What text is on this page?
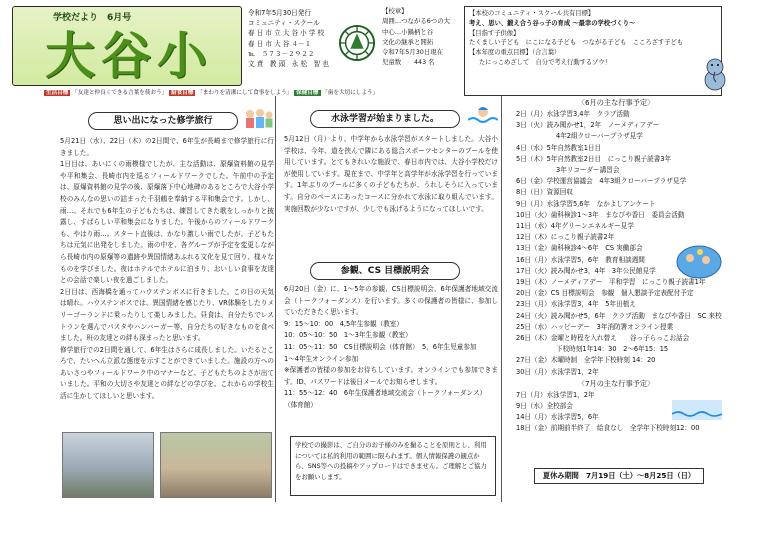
学校だより　6月号
大谷小
令和7年5月30日発行
コミュニティ・スクール
春 日 市 立 大 谷 小 学 校
春 日 市 大 谷 ４－１
℡　５７３－２９２２
文 責　教 頭　永 松　智 也
【校章】
周囲…つながる6つの大
中心…小鍋柄と谷
文化の継承と開拓
令和7年5月30日現在
児童数　　443 名
【本校のコミュニティ・スクール共有目標】
考え、思い、鍛え合う谷っ子の育成 ～最幸の学校づくり～
【目指す子供像】
たくましい子ども　にこになる子ども　つながる子ども　こころざす子ども
【本年度の重点目標】（合言葉）
たにっこめざして　自分で考え行動するゾウ！
生活目標 「友達と仲良くできる言葉を使おう」 給食目標 「まわりを清潔にして食事をしよう」 保健目標 「歯を大切にしよう」
思い出になった修学旅行

5月21日（水）、22日（木）の2日間で、6年生が長崎まで修学旅行に行きました。

1日目は、あいにくの雨模様でしたが、主な活動は、原爆資料館の見学や平和集会、長崎市内を巡るフィールドワークでした。午前中の予定は、原爆資料館の見学の後、原爆落下中心地碑のあるところで大谷小学校のみんなの思いの詰まった千羽鶴を奉納する平和集会です。しかし、雨…。それでも6年生の子どもたちは、練習してきた歌をしっかりと披露し、すばらしい平和集会になりました。午後からのフィールドワークも、やはり雨…。スタート直後は、かなり激しい雨でしたが、子どもたちは元気に出発をしました。雨の中を、各グループが予定を変更しながら長崎市内の原爆等の遺跡や異国情緒あふれる文化を見て回り、様々なものを学びました。夜はホテルでホテルに泊まり、おいしい食事を友達との会話で楽しい夜を過ごしました。

2日目は、西海橋を通ってハウステンボスに行きました。この日の天気は晴れ。ハウステンボスでは、異国情緒を感じたり、VR体験をしたりメリーゴーランドに乗ったりして楽しみました。昼食は、自分たちでレストランを選んでパスタやハンバーガー等、自分たちの好きなものを食べました。班の友達との絆も深まったと思います。

修学旅行での2日間を通して、6年生はさらに成長しました。いたるところで、たいへん立派な態度を示すことができていました。施設の方へのあいさつやフィールドワーク中のマナーなど、子どもたちのよさが出ていました。平和の大切さや友達との絆などの学びを、これからの学校生活に生かしてほしいと思います。

水泳学習が始まりました。

5月12日（月）より、中学年から水泳学習がスタートしました。大谷小学校は、今年、道を挟んで隣にある総合スポーツセンターのプールを使用しています。とてもきれいな施設で、春日市内では、大谷小学校だけが使用しています。現在まで、中学年と高学年が水泳学習を行っています。1年ぶりのプールに多くの子どもたちが、うれしそうに入っています。自分のペースにあったコースに分かれて水泳に取り組んでいます。実施回数が少ないですが、少しでも泳げるようになってほしいです。

参観、CS 目標説明会

6月20日（金）に、1～5年の参観、CS目標説明会、6年保護者地域交流会（トークフォーダンス）を行います。多くの保護者の皆様に、参加していただきたく思います。

9：15～10：00　4,5年生参観（教室）

10：05～10：50　1～3年生参観（教室）

11：05～11：50　CS目標説明会（体育館）　5，6年生児童参加

1～4年生オンライン参加

※保護者の皆様の参加をお待ちしています。オンラインでも参加できます。ID、パスワードは後日メールでお知らせします。

11：55～12：40　6年生保護者地域交流会（トークフォーダンス）

（体育館）

学校での撮影は、ご自分のお子様のみを撮ることを原則とし、利用については私的利用の範囲に限られます。個人情報保護の観点から、SNS等への投稿やアップロードはできません。ご理解とご協力をお願いします。
〈6月の主な行事予定〉
2日（月）水泳学習3,4年　クラブ活動
3日（火）読み聞かせ1，2年　ノーメディアデー
4年2組クローバープラザ見学
4日（水）5年自然教室1日目
5日（木）5年自然教室2日目　にっこり親子読書3年
3年リコーダー講習会
6日（金）学校運営協議会　4年3組クローバープラザ見学
8日（日）資源回収
9日（月）水泳学習5,6年　なかよしアンケート
10日（火）歯科検診1～3年　まなびや香日　委員会活動
11日（水）4年グリーンエネルギー見学
12日（木）にっこり親子読書2年
13日（金）歯科検診4～6年　CS 実働部会
16日（月）水泳学習5，6年　教育相談週間
17日（火）読み聞かせ3，4年　3年公民館見学
19日（木）ノーメディアデー　平和学習　にっこり親子読書1年
20日（金）CS 目標説明会　参観　個人懇談予定表配付予定
23日（月）水泳学習3，4年　5年田植え
24日（火）読み聞かせ5，6年　クラブ活動　まなびや香日　SC 来校
25日（水）ハッピーデー　3年消防署オンライン授業
26日（木）金曜と時程を入れ替え　　谷っ子らっこお話会
下校時刻1年14：30　2～6年15：15
27日（金）木曜時制　全学年下校時刻 14：20
30日（月）水泳学習1，2年
〈7月の主な行事予定〉
7日（月）水泳学習1，2年
9日（水）全校部会
14日（月）水泳学習5，6年
18日（金）前期前半終了　給食なし　全学年下校時刻12：00
夏休み期間　7月19日（土）～8月25日（日）
